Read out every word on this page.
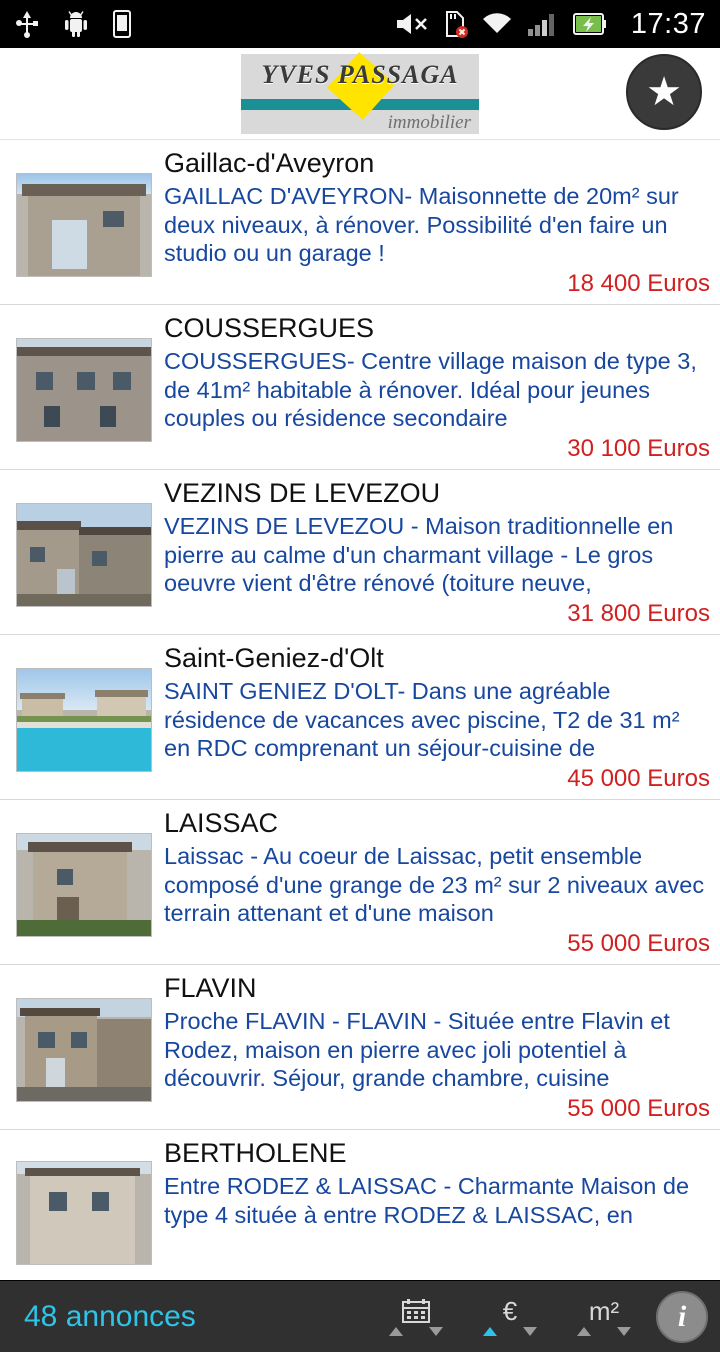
17:37
YVES PASSAGA
immobilier
★
Gaillac-d'Aveyron
GAILLAC D'AVEYRON- Maisonnette de 20m² sur deux niveaux, à rénover. Possibilité d'en faire un studio ou un garage !
18 400 Euros
COUSSERGUES
COUSSERGUES- Centre village maison de type 3, de 41m² habitable à rénover. Idéal pour jeunes couples ou résidence secondaire
30 100 Euros
VEZINS DE LEVEZOU
VEZINS DE LEVEZOU - Maison traditionnelle en pierre au calme d'un charmant village - Le gros oeuvre vient d'être rénové (toiture neuve,
31 800 Euros
Saint-Geniez-d'Olt
SAINT GENIEZ D'OLT- Dans une agréable résidence de vacances avec piscine, T2 de 31 m² en RDC comprenant un séjour-cuisine de
45 000 Euros
LAISSAC
Laissac - Au coeur de Laissac, petit ensemble composé d'une grange de 23 m² sur 2 niveaux avec terrain attenant et d'une maison
55 000 Euros
FLAVIN
Proche FLAVIN - FLAVIN - Située entre Flavin et Rodez, maison en pierre avec joli potentiel à découvrir. Séjour, grande chambre, cuisine
55 000 Euros
BERTHOLENE
Entre RODEZ & LAISSAC - Charmante Maison de type 4 située à entre RODEZ & LAISSAC, en
48 annonces	€	m² i
